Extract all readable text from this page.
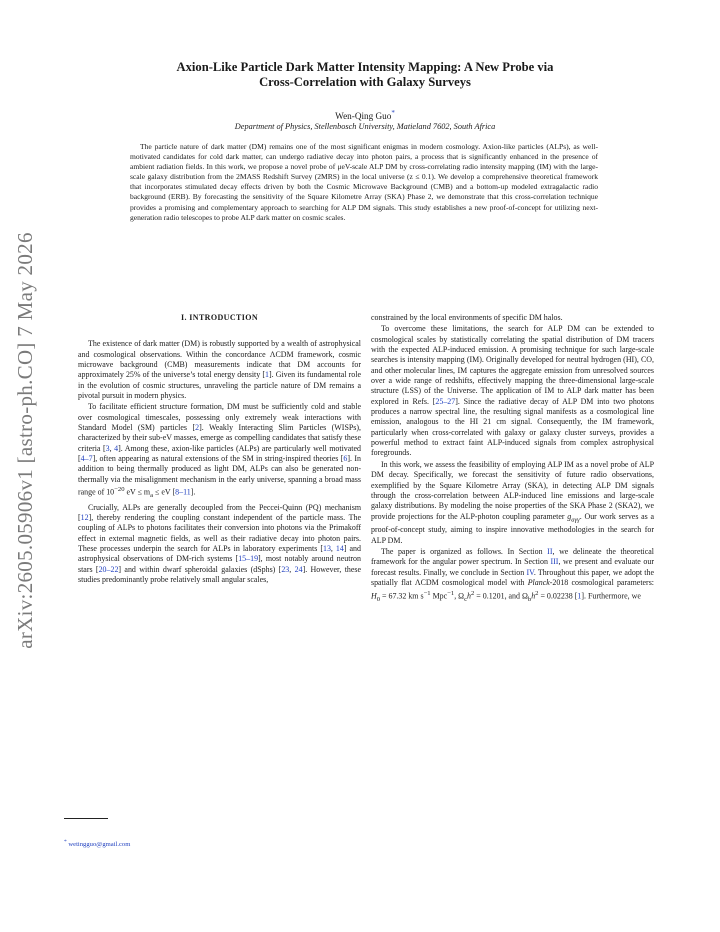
arXiv:2605.05906v1 [astro-ph.CO] 7 May 2026
Axion-Like Particle Dark Matter Intensity Mapping: A New Probe via
Cross-Correlation with Galaxy Surveys
Wen-Qing Guo*
Department of Physics, Stellenbosch University, Matieland 7602, South Africa
The particle nature of dark matter (DM) remains one of the most significant enigmas in modern cosmology. Axion-like particles (ALPs), as well-motivated candidates for cold dark matter, can undergo radiative decay into photon pairs, a process that is significantly enhanced in the presence of ambient radiation fields. In this work, we propose a novel probe of μeV-scale ALP DM by cross-correlating radio intensity mapping (IM) with the large-scale galaxy distribution from the 2MASS Redshift Survey (2MRS) in the local universe (z ≤ 0.1). We develop a comprehensive theoretical framework that incorporates stimulated decay effects driven by both the Cosmic Microwave Background (CMB) and a bottom-up modeled extragalactic radio background (ERB). By forecasting the sensitivity of the Square Kilometre Array (SKA) Phase 2, we demonstrate that this cross-correlation technique provides a promising and complementary approach to searching for ALP DM signals. This study establishes a new proof-of-concept for utilizing next-generation radio telescopes to probe ALP dark matter on cosmic scales.
I. INTRODUCTION

The existence of dark matter (DM) is robustly supported by a wealth of astrophysical and cosmological observations. Within the concordance ΛCDM framework, cosmic microwave background (CMB) measurements indicate that DM accounts for approximately 25% of the universe’s total energy density [1]. Given its fundamental role in the evolution of cosmic structures, unraveling the particle nature of DM remains a pivotal pursuit in modern physics.

To facilitate efficient structure formation, DM must be sufficiently cold and stable over cosmological timescales, possessing only extremely weak interactions with Standard Model (SM) particles [2]. Weakly Interacting Slim Particles (WISPs), characterized by their sub-eV masses, emerge as compelling candidates that satisfy these criteria [3, 4]. Among these, axion-like particles (ALPs) are particularly well motivated [4–7], often appearing as natural extensions of the SM in string-inspired theories [6]. In addition to being thermally produced as light DM, ALPs can also be generated non-thermally via the misalignment mechanism in the early universe, spanning a broad mass range of $10^{-20}$ eV ≤ $m_a$ ≤ eV [8–11].

Crucially, ALPs are generally decoupled from the Peccei-Quinn (PQ) mechanism [12], thereby rendering the coupling constant independent of the particle mass. The coupling of ALPs to photons facilitates their conversion into photons via the Primakoff effect in external magnetic fields, as well as their radiative decay into photon pairs. These processes underpin the search for ALPs in laboratory experiments [13, 14] and astrophysical observations of DM-rich systems [15–19], most notably around neutron stars [20–22] and within dwarf spheroidal galaxies (dSphs) [23, 24]. However, these studies predominantly probe relatively small angular scales,

constrained by the local environments of specific DM halos.

To overcome these limitations, the search for ALP DM can be extended to cosmological scales by statistically correlating the spatial distribution of DM tracers with the expected ALP-induced emission. A promising technique for such large-scale searches is intensity mapping (IM). Originally developed for neutral hydrogen (HI), CO, and other molecular lines, IM captures the aggregate emission from unresolved sources over a wide range of redshifts, effectively mapping the three-dimensional large-scale structure (LSS) of the Universe. The application of IM to ALP dark matter has been explored in Refs. [25–27]. Since the radiative decay of ALP DM into two photons produces a narrow spectral line, the resulting signal manifests as a cosmological line emission, analogous to the HI 21 cm signal. Consequently, the IM framework, particularly when cross-correlated with galaxy or galaxy cluster surveys, provides a powerful method to extract faint ALP-induced signals from complex astrophysical foregrounds.

In this work, we assess the feasibility of employing ALP IM as a novel probe of ALP DM decay. Specifically, we forecast the sensitivity of future radio observations, exemplified by the Square Kilometre Array (SKA), in detecting ALP DM signals through the cross-correlation between ALP-induced line emissions and large-scale galaxy distributions. By modeling the noise properties of the SKA Phase 2 (SKA2), we provide projections for the ALP-photon coupling parameter $g_{a\gamma\gamma}$. Our work serves as a proof-of-concept study, aiming to inspire innovative methodologies in the search for ALP DM.

The paper is organized as follows. In Section II, we delineate the theoretical framework for the angular power spectrum. In Section III, we present and evaluate our forecast results. Finally, we conclude in Section IV. Throughout this paper, we adopt the spatially flat ΛCDM cosmological model with Planck-2018 cosmological parameters: $H_0 = 67.32$ km $s^{-1}$ Mpc$^{-1}$, $\Omega_ch^2 = 0.1201$, and $\Omega_bh^2 = 0.02238$ [1]. Furthermore, we

* wetingguo@gmail.com
